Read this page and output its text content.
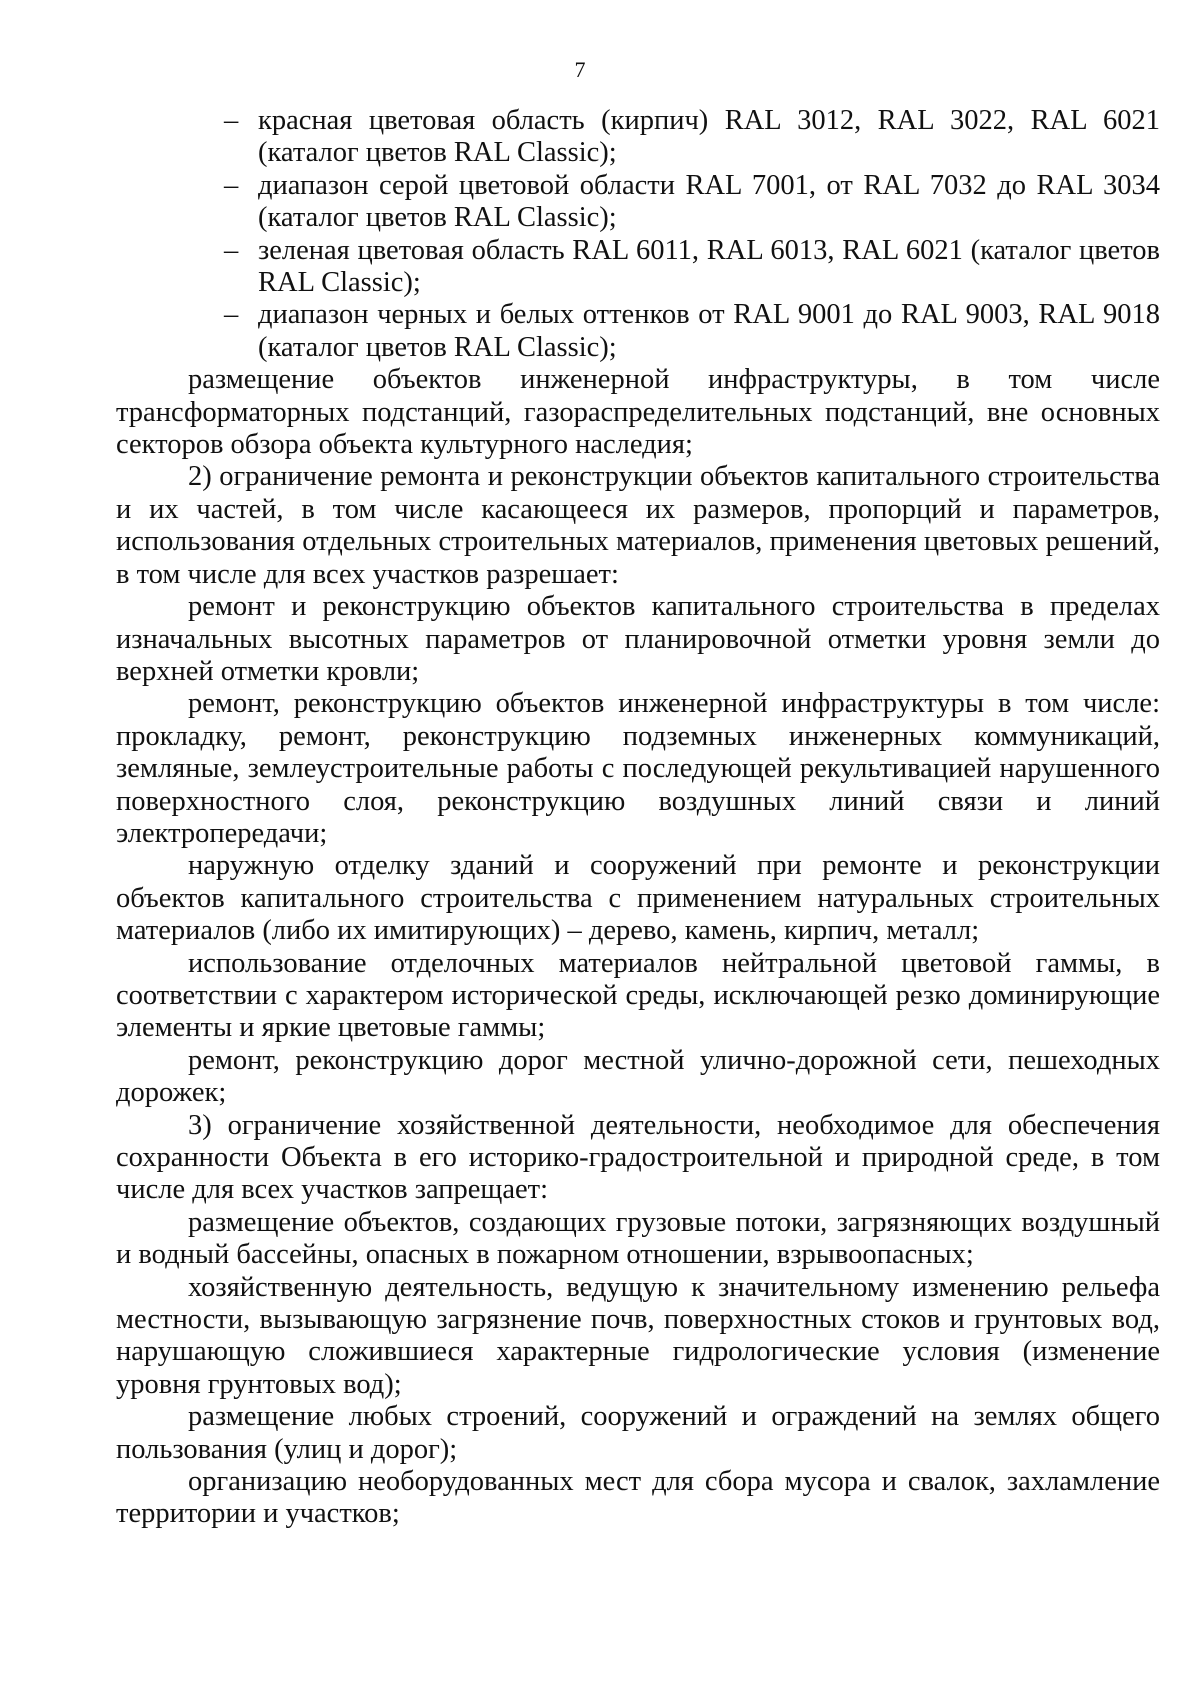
7
– красная цветовая область (кирпич) RAL 3012, RAL 3022, RAL 6021 (каталог цветов RAL Classic);
– диапазон серой цветовой области RAL 7001, от RAL 7032 до RAL 3034 (каталог цветов RAL Classic);
– зеленая цветовая область RAL 6011, RAL 6013, RAL 6021 (каталог цветов RAL Classic);
– диапазон черных и белых оттенков от RAL 9001 до RAL 9003, RAL 9018 (каталог цветов RAL Classic);

размещение объектов инженерной инфраструктуры, в том числе трансформаторных подстанций, газораспределительных подстанций, вне основных секторов обзора объекта культурного наследия;

2) ограничение ремонта и реконструкции объектов капитального строительства и их частей, в том числе касающееся их размеров, пропорций и параметров, использования отдельных строительных материалов, применения цветовых решений, в том числе для всех участков разрешает:

ремонт и реконструкцию объектов капитального строительства в пределах изначальных высотных параметров от планировочной отметки уровня земли до верхней отметки кровли;

ремонт, реконструкцию объектов инженерной инфраструктуры в том числе: прокладку, ремонт, реконструкцию подземных инженерных коммуникаций, земляные, землеустроительные работы с последующей рекультивацией нарушенного поверхностного слоя, реконструкцию воздушных линий связи и линий электропередачи;

наружную отделку зданий и сооружений при ремонте и реконструкции объектов капитального строительства с применением натуральных строительных материалов (либо их имитирующих) – дерево, камень, кирпич, металл;

использование отделочных материалов нейтральной цветовой гаммы, в соответствии с характером исторической среды, исключающей резко доминирующие элементы и яркие цветовые гаммы;

ремонт, реконструкцию дорог местной улично-дорожной сети, пешеходных дорожек;

3) ограничение хозяйственной деятельности, необходимое для обеспечения сохранности Объекта в его историко-градостроительной и природной среде, в том числе для всех участков запрещает:

размещение объектов, создающих грузовые потоки, загрязняющих воздушный и водный бассейны, опасных в пожарном отношении, взрывоопасных;

хозяйственную деятельность, ведущую к значительному изменению рельефа местности, вызывающую загрязнение почв, поверхностных стоков и грунтовых вод, нарушающую сложившиеся характерные гидрологические условия (изменение уровня грунтовых вод);

размещение любых строений, сооружений и ограждений на землях общего пользования (улиц и дорог);

организацию необорудованных мест для сбора мусора и свалок, захламление территории и участков;
